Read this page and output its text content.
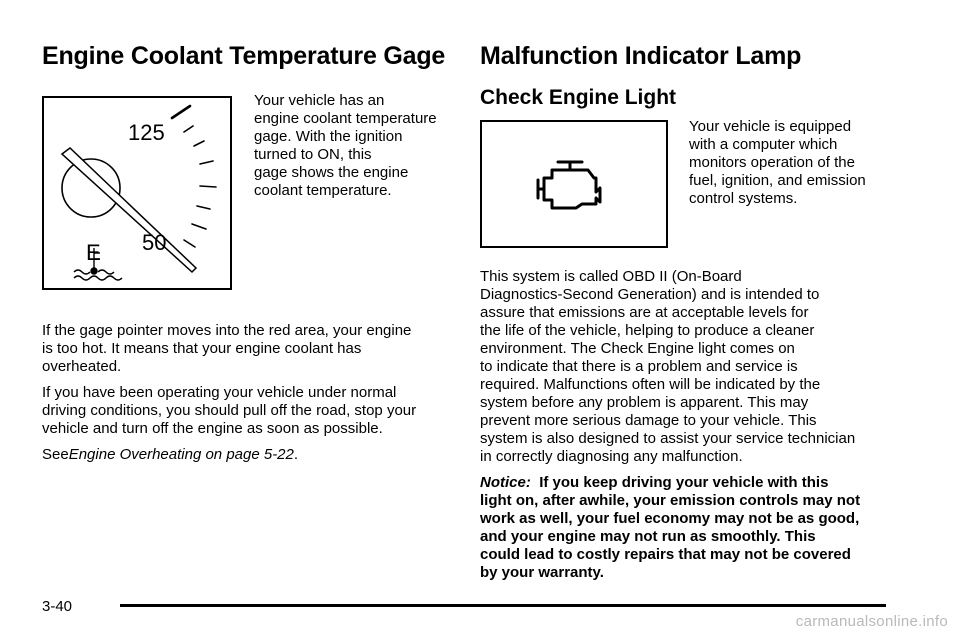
Engine Coolant Temperature Gage
125
50
E
Your vehicle has an
engine coolant temperature
gage. With the ignition
turned to ON, this
gage shows the engine
coolant temperature.
If the gage pointer moves into the red area, your engine
is too hot. It means that your engine coolant has
overheated.
If you have been operating your vehicle under normal
driving conditions, you should pull off the road, stop your
vehicle and turn off the engine as soon as possible.
SeeEngine Overheating on page 5-22.
Malfunction Indicator Lamp
Check Engine Light
Your vehicle is equipped
with a computer which
monitors operation of the
fuel, ignition, and emission
control systems.
This system is called OBD II (On-Board
Diagnostics-Second Generation) and is intended to
assure that emissions are at acceptable levels for
the life of the vehicle, helping to produce a cleaner
environment. The Check Engine light comes on
to indicate that there is a problem and service is
required. Malfunctions often will be indicated by the
system before any problem is apparent. This may
prevent more serious damage to your vehicle. This
system is also designed to assist your service technician
in correctly diagnosing any malfunction.
Notice: If you keep driving your vehicle with this
light on, after awhile, your emission controls may not
work as well, your fuel economy may not be as good,
and your engine may not run as smoothly. This
could lead to costly repairs that may not be covered
by your warranty.
3-40
carmanualsonline.info
